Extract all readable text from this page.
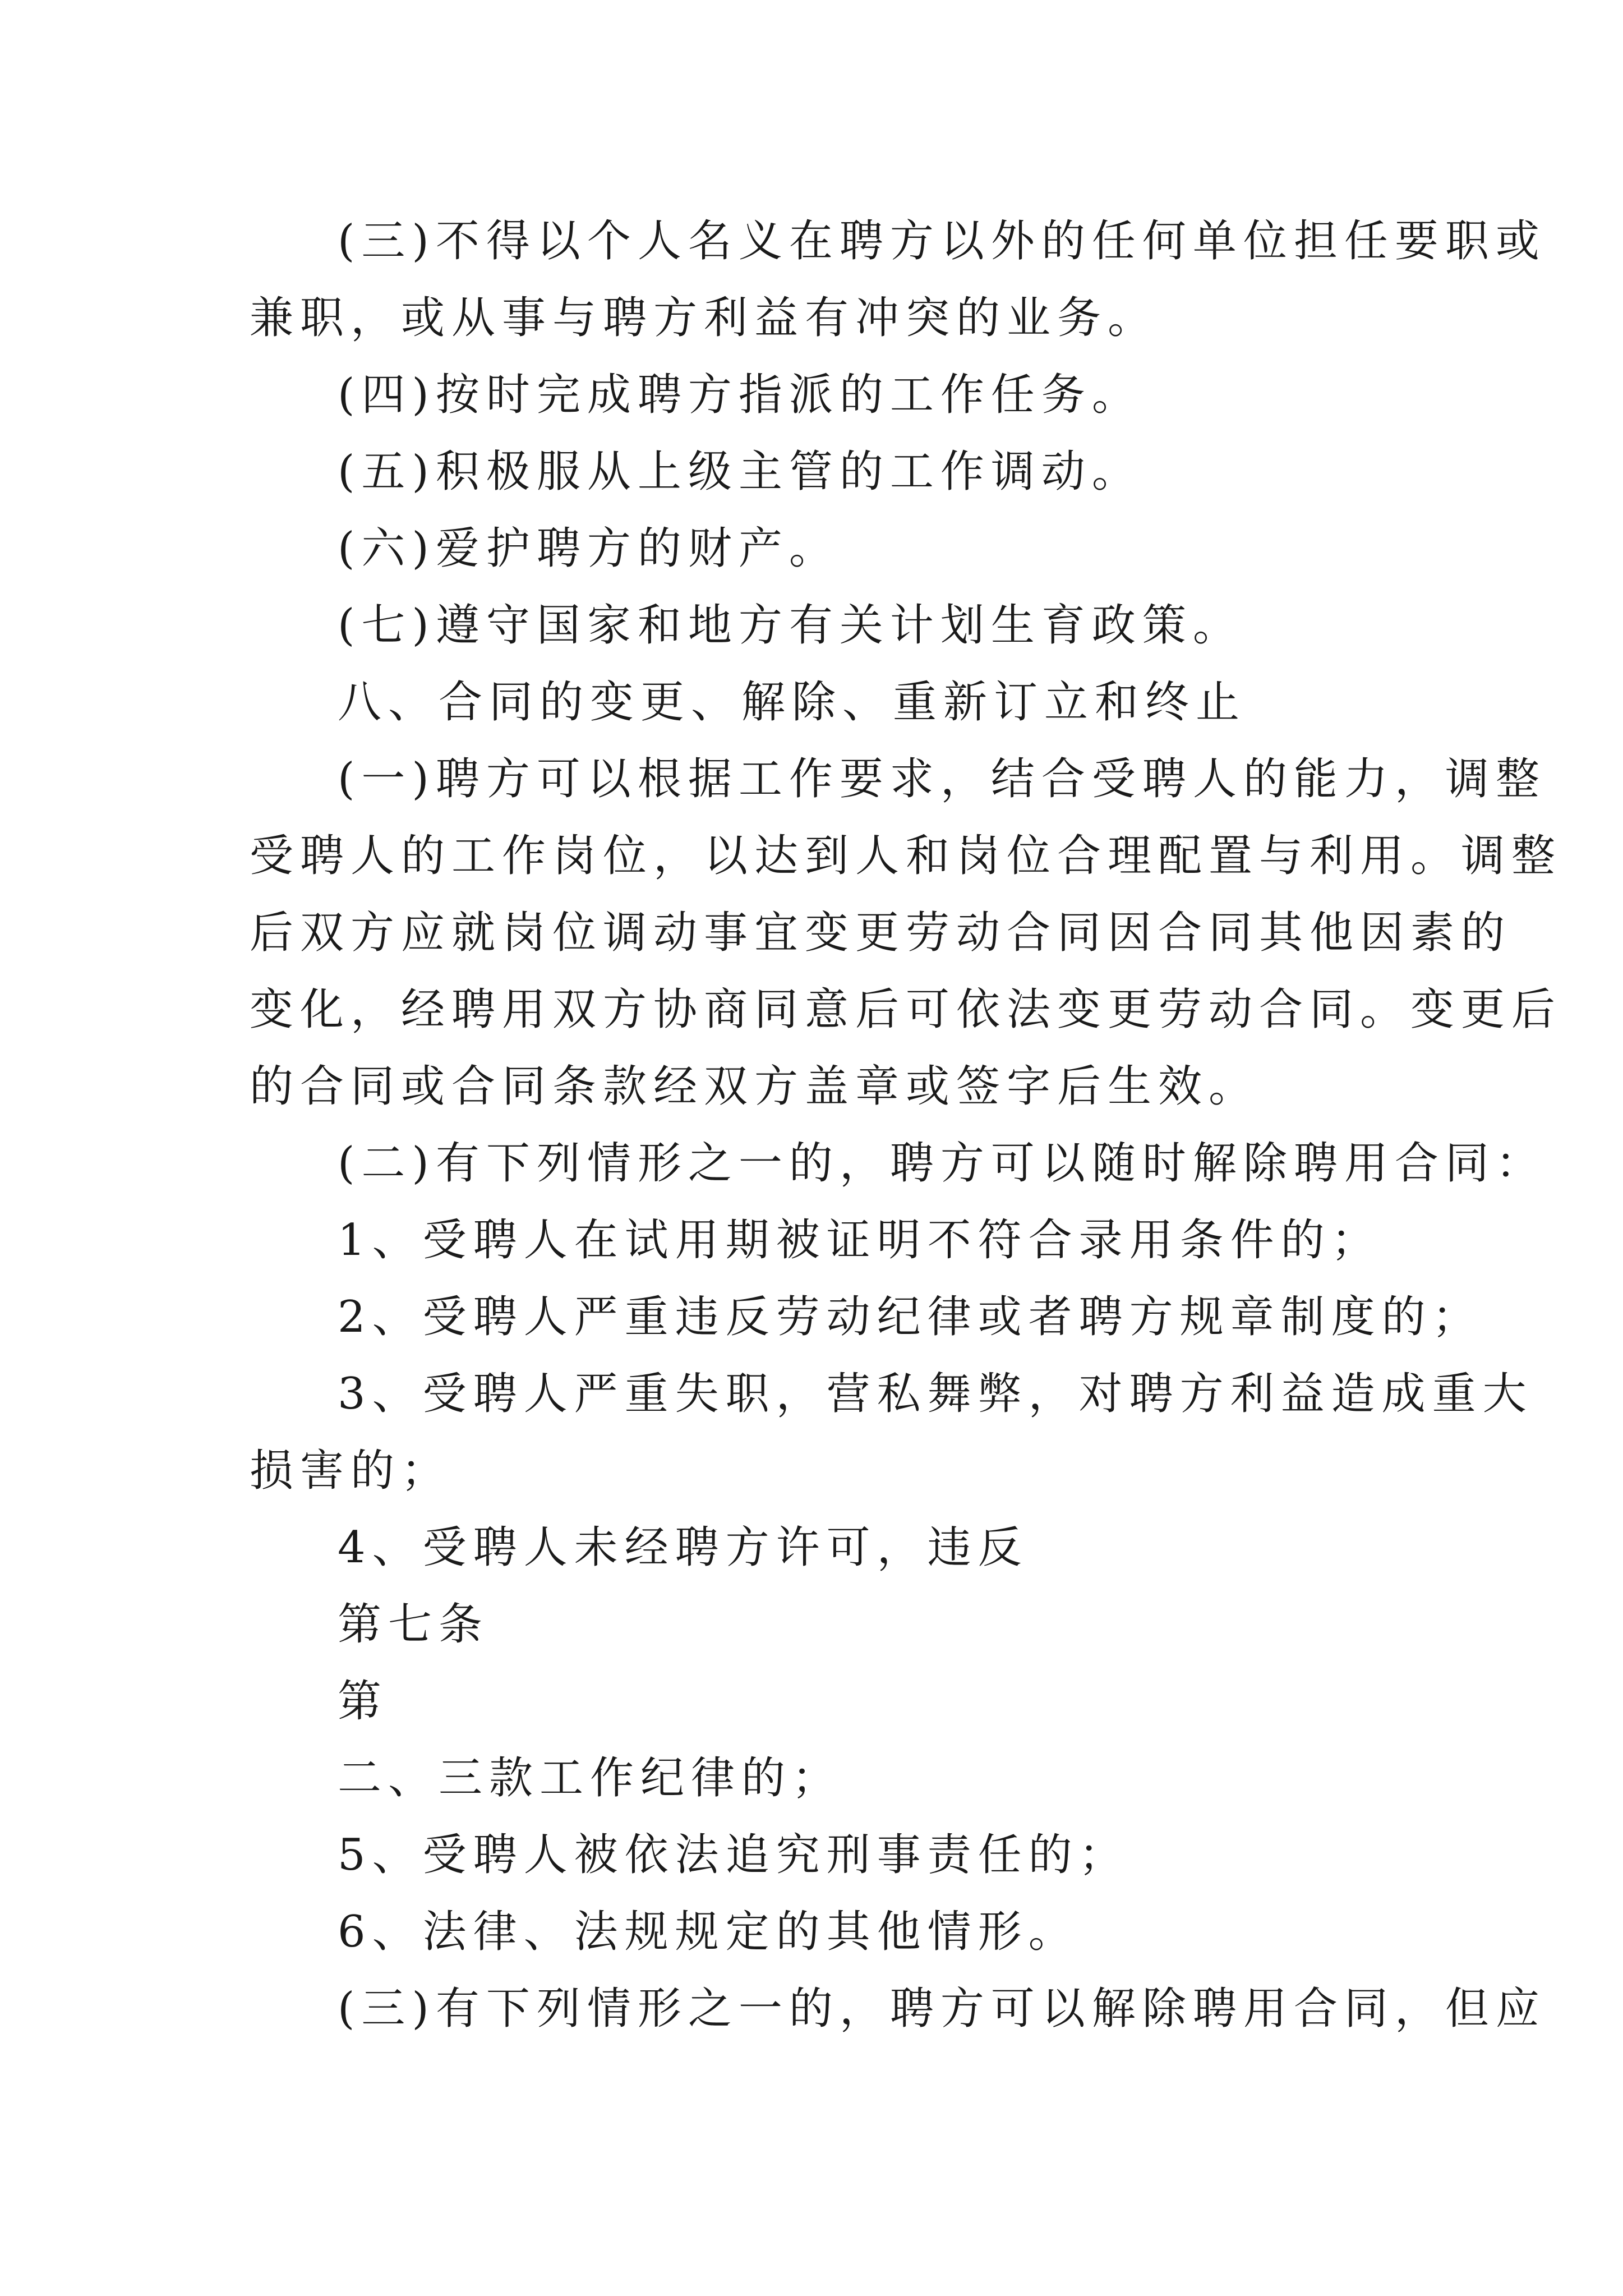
(三)不得以个人名义在聘方以外的任何单位担任要职或
兼职，或从事与聘方利益有冲突的业务。
(四)按时完成聘方指派的工作任务。
(五)积极服从上级主管的工作调动。
(六)爱护聘方的财产。
(七)遵守国家和地方有关计划生育政策。
八、合同的变更、解除、重新订立和终止
(一)聘方可以根据工作要求，结合受聘人的能力，调整
受聘人的工作岗位，以达到人和岗位合理配置与利用。调整
后双方应就岗位调动事宜变更劳动合同因合同其他因素的
变化，经聘用双方协商同意后可依法变更劳动合同。变更后
的合同或合同条款经双方盖章或签字后生效。
(二)有下列情形之一的，聘方可以随时解除聘用合同：
1、受聘人在试用期被证明不符合录用条件的；
2、受聘人严重违反劳动纪律或者聘方规章制度的；
3、受聘人严重失职，营私舞弊，对聘方利益造成重大
损害的；
4、受聘人未经聘方许可，违反
第七条
第
二、三款工作纪律的；
5、受聘人被依法追究刑事责任的；
6、法律、法规规定的其他情形。
(三)有下列情形之一的，聘方可以解除聘用合同，但应
